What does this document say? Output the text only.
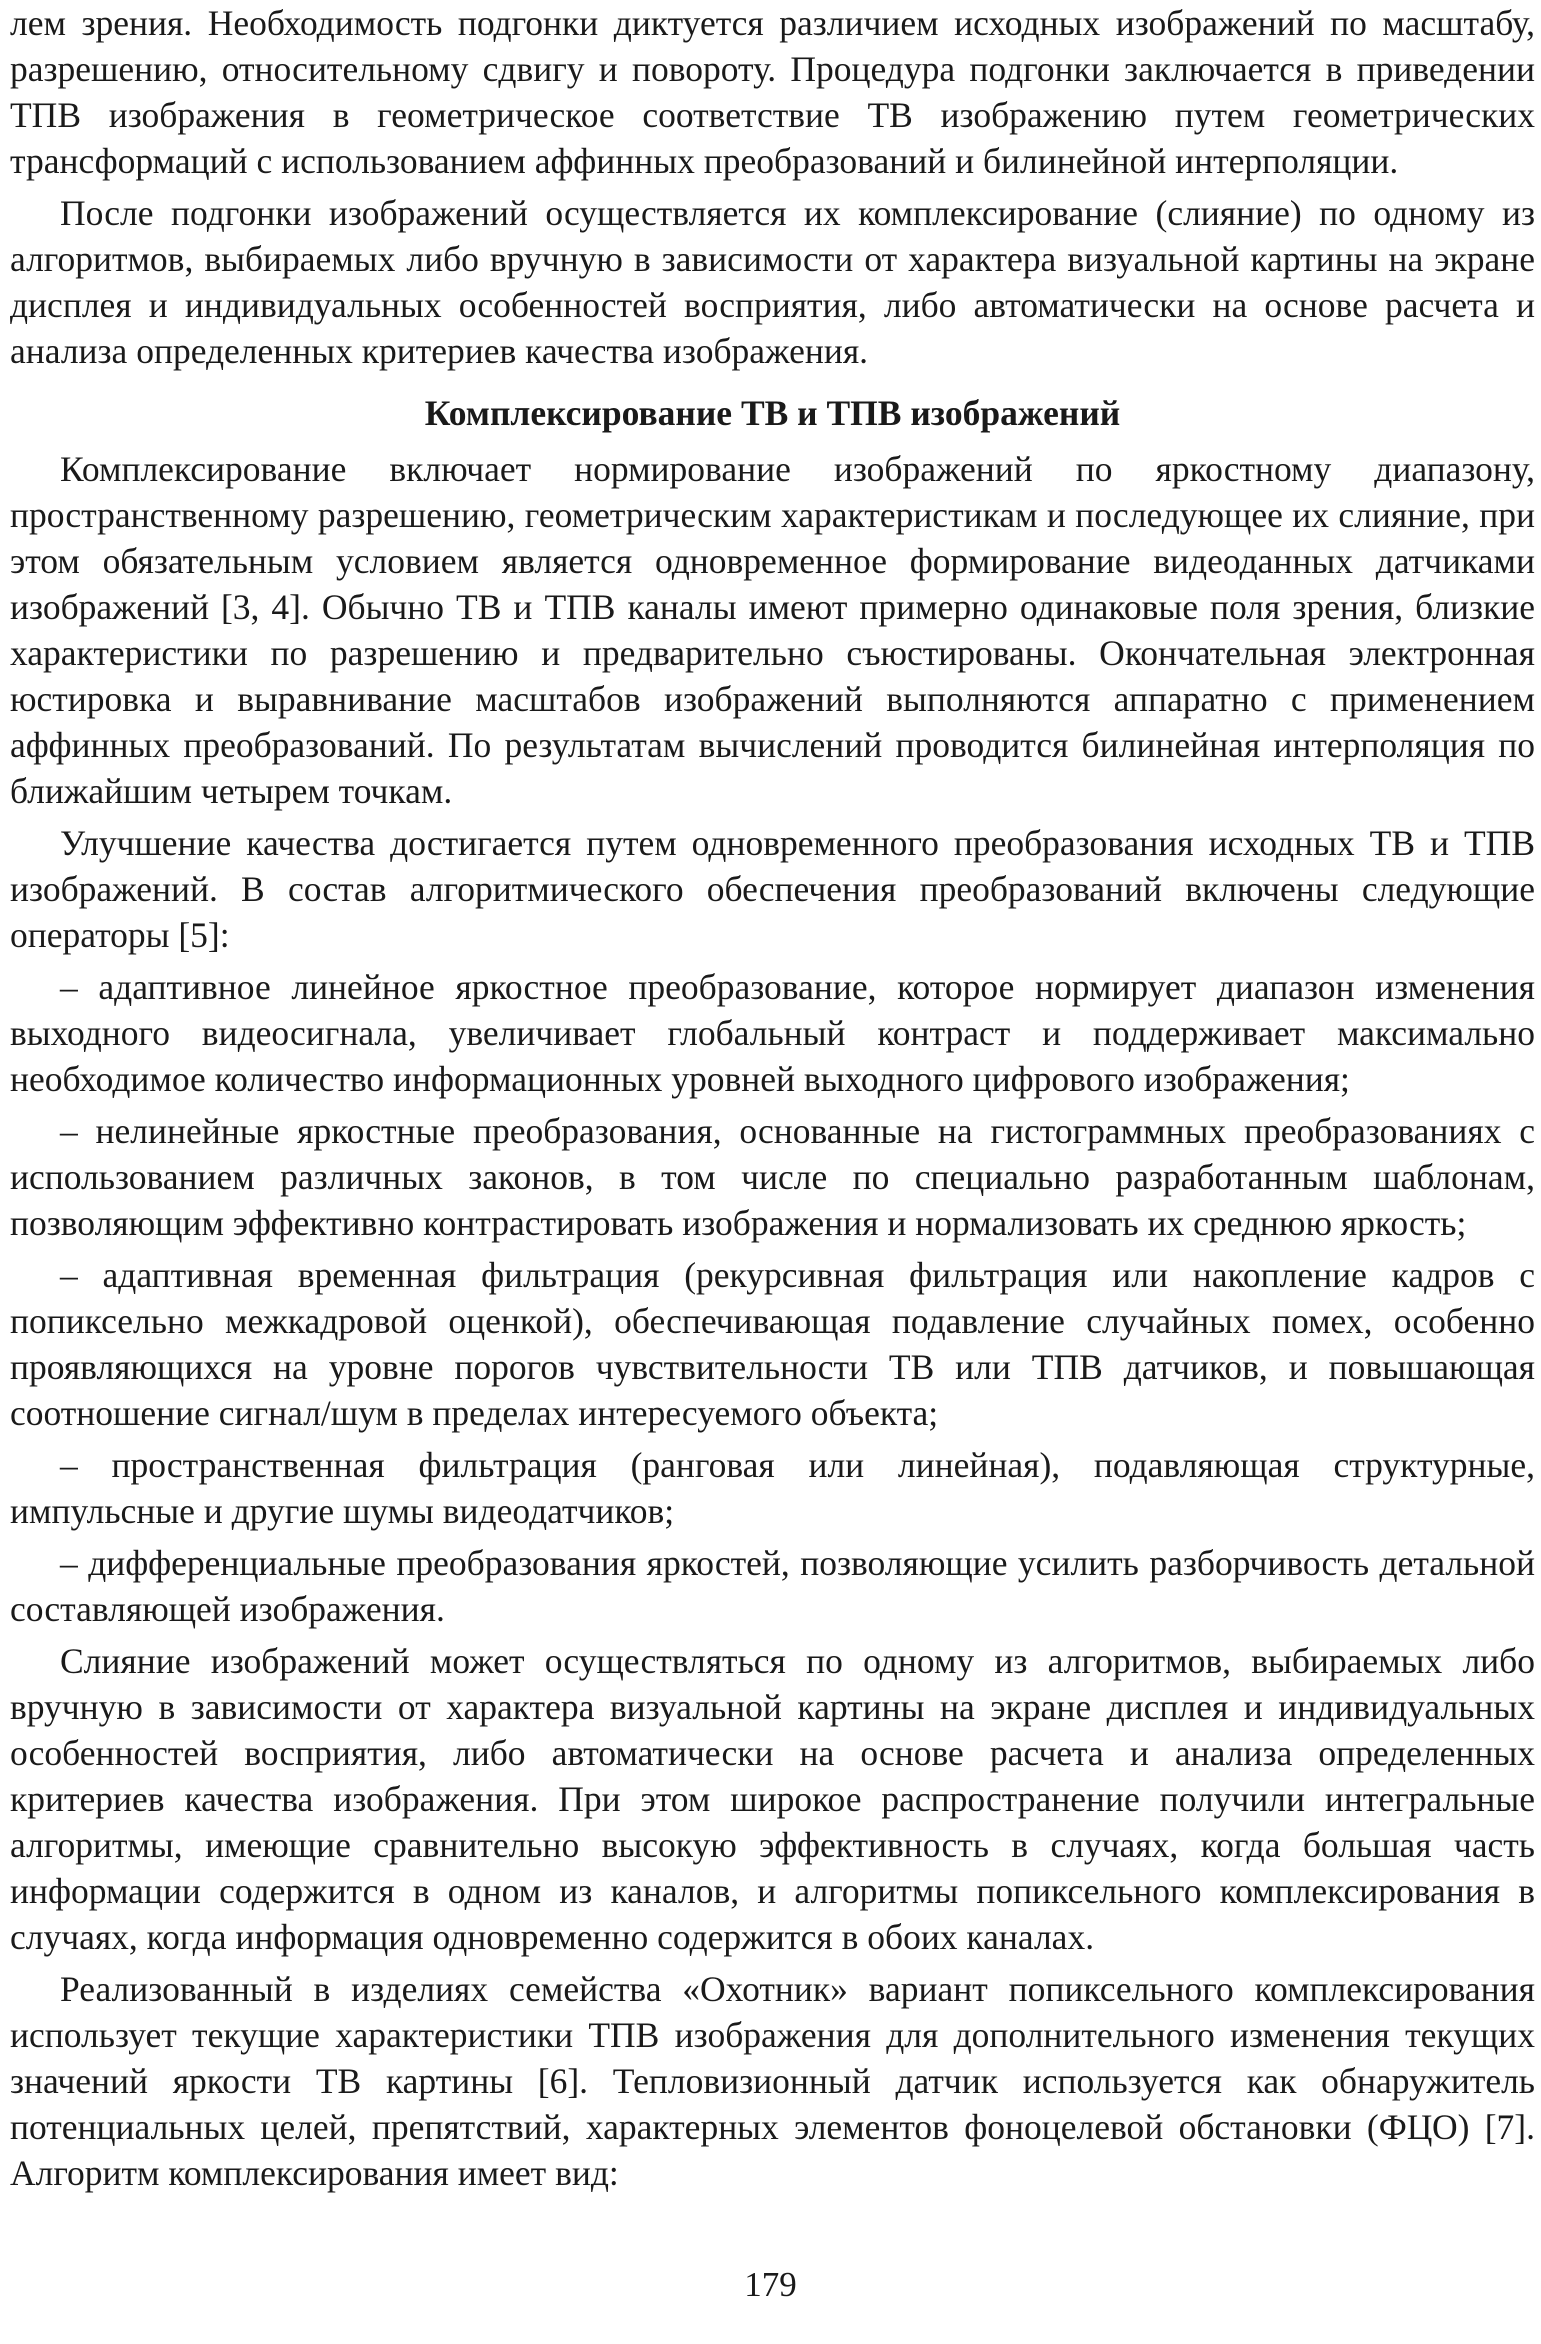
лем зрения. Необходимость подгонки диктуется различием исходных изображений по масштабу, разрешению, относительному сдвигу и повороту. Процедура подгонки заключается в приведении ТПВ изображения в геометрическое соответствие ТВ изображению путем геометрических трансформаций с использованием аффинных преобразований и билинейной интерполяции.

После подгонки изображений осуществляется их комплексирование (слияние) по одному из алгоритмов, выбираемых либо вручную в зависимости от характера визуальной картины на экране дисплея и индивидуальных особенностей восприятия, либо автоматически на основе расчета и анализа определенных критериев качества изображения.

Комплексирование ТВ и ТПВ изображений

Комплексирование включает нормирование изображений по яркостному диапазону, пространственному разрешению, геометрическим характеристикам и последующее их слияние, при этом обязательным условием является одновременное формирование видеоданных датчиками изображений [3, 4]. Обычно ТВ и ТПВ каналы имеют примерно одинаковые поля зрения, близкие характеристики по разрешению и предварительно съюстированы. Окончательная электронная юстировка и выравнивание масштабов изображений выполняются аппаратно с применением аффинных преобразований. По результатам вычислений проводится билинейная интерполяция по ближайшим четырем точкам.

Улучшение качества достигается путем одновременного преобразования исходных ТВ и ТПВ изображений. В состав алгоритмического обеспечения преобразований включены следующие операторы [5]:

– адаптивное линейное яркостное преобразование, которое нормирует диапазон изменения выходного видеосигнала, увеличивает глобальный контраст и поддерживает максимально необходимое количество информационных уровней выходного цифрового изображения;

– нелинейные яркостные преобразования, основанные на гистограммных преобразованиях с использованием различных законов, в том числе по специально разработанным шаблонам, позволяющим эффективно контрастировать изображения и нормализовать их среднюю яркость;

– адаптивная временная фильтрация (рекурсивная фильтрация или накопление кадров с попиксельно межкадровой оценкой), обеспечивающая подавление случайных помех, особенно проявляющихся на уровне порогов чувствительности ТВ или ТПВ датчиков, и повышающая соотношение сигнал/шум в пределах интересуемого объекта;

– пространственная фильтрация (ранговая или линейная), подавляющая структурные, импульсные и другие шумы видеодатчиков;

– дифференциальные преобразования яркостей, позволяющие усилить разборчивость детальной составляющей изображения.

Слияние изображений может осуществляться по одному из алгоритмов, выбираемых либо вручную в зависимости от характера визуальной картины на экране дисплея и индивидуальных особенностей восприятия, либо автоматически на основе расчета и анализа определенных критериев качества изображения. При этом широкое распространение получили интегральные алгоритмы, имеющие сравнительно высокую эффективность в случаях, когда большая часть информации содержится в одном из каналов, и алгоритмы попиксельного комплексирования в случаях, когда информация одновременно содержится в обоих каналах.

Реализованный в изделиях семейства «Охотник» вариант попиксельного комплексирования использует текущие характеристики ТПВ изображения для дополнительного изменения текущих значений яркости ТВ картины [6]. Тепловизионный датчик используется как обнаружитель потенциальных целей, препятствий, характерных элементов фоноцелевой обстановки (ФЦО) [7]. Алгоритм комплексирования имеет вид:

179
